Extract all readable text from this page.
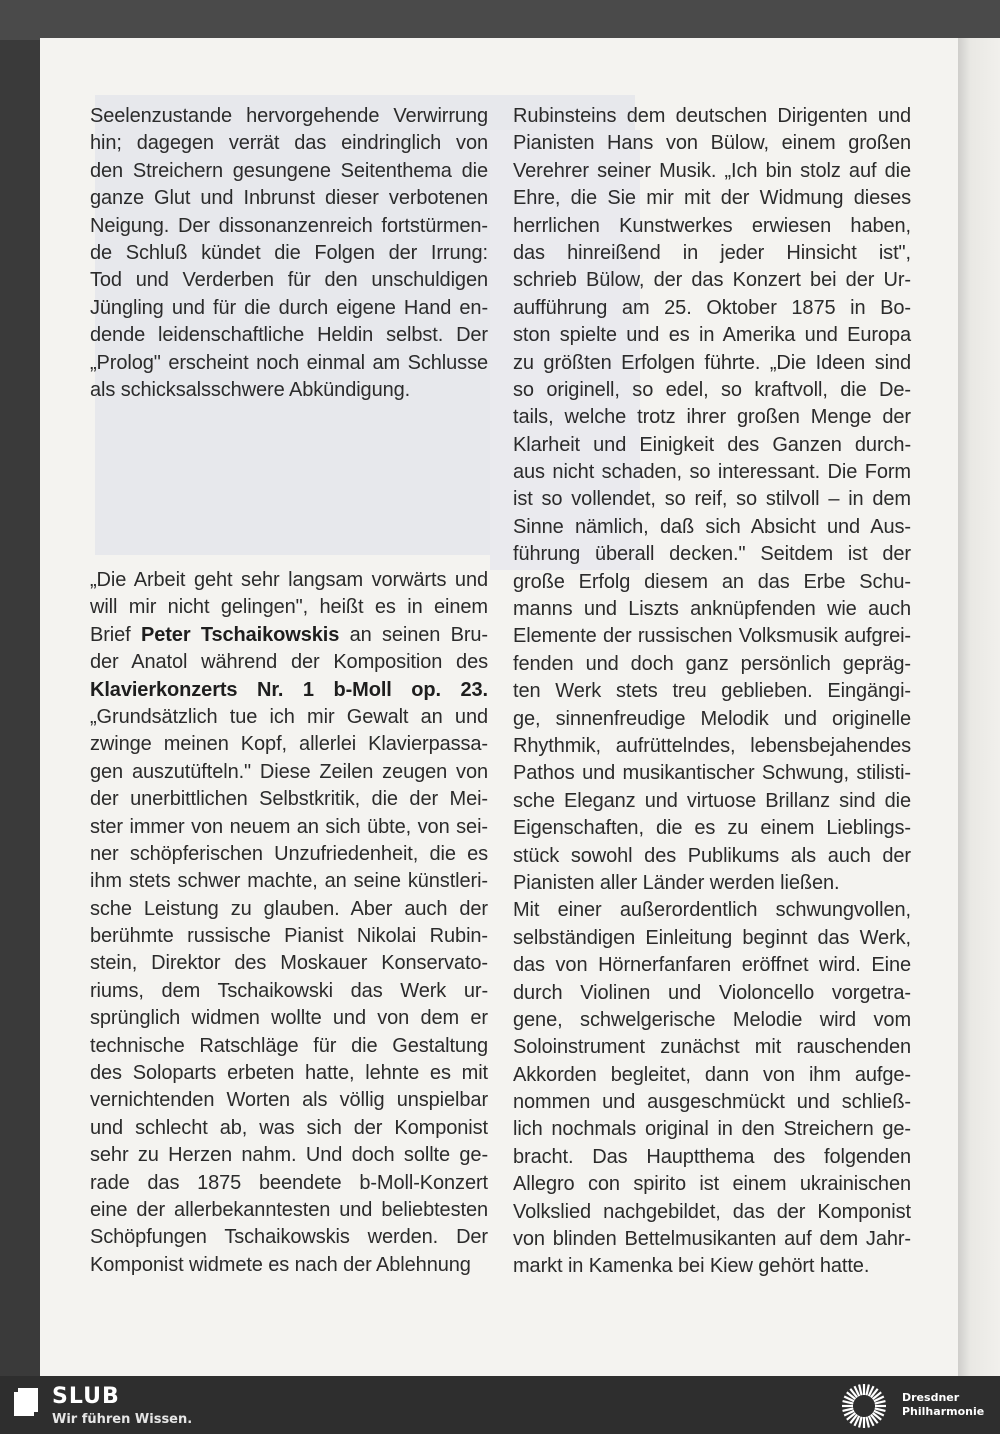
Seelenzustande hervorgehende Verwirrung
hin; dagegen verrät das eindringlich von
den Streichern gesungene Seitenthema die
ganze Glut und Inbrunst dieser verbotenen
Neigung. Der dissonanzenreich fortstürmen-
de Schluß kündet die Folgen der Irrung:
Tod und Verderben für den unschuldigen
Jüngling und für die durch eigene Hand en-
dende leidenschaftliche Heldin selbst. Der
„Prolog" erscheint noch einmal am Schlusse
als schicksalsschwere Abkündigung.
„Die Arbeit geht sehr langsam vorwärts und
will mir nicht gelingen", heißt es in einem
Brief Peter Tschaikowskis an seinen Bru-
der Anatol während der Komposition des
Klavierkonzerts Nr. 1 b-Moll op. 23.
„Grundsätzlich tue ich mir Gewalt an und
zwinge meinen Kopf, allerlei Klavierpassa-
gen auszutüfteln." Diese Zeilen zeugen von
der unerbittlichen Selbstkritik, die der Mei-
ster immer von neuem an sich übte, von sei-
ner schöpferischen Unzufriedenheit, die es
ihm stets schwer machte, an seine künstleri-
sche Leistung zu glauben. Aber auch der
berühmte russische Pianist Nikolai Rubin-
stein, Direktor des Moskauer Konservato-
riums, dem Tschaikowski das Werk ur-
sprünglich widmen wollte und von dem er
technische Ratschläge für die Gestaltung
des Soloparts erbeten hatte, lehnte es mit
vernichtenden Worten als völlig unspielbar
und schlecht ab, was sich der Komponist
sehr zu Herzen nahm. Und doch sollte ge-
rade das 1875 beendete b-Moll-Konzert
eine der allerbekanntesten und beliebtesten
Schöpfungen Tschaikowskis werden. Der
Komponist widmete es nach der Ablehnung
Rubinsteins dem deutschen Dirigenten und
Pianisten Hans von Bülow, einem großen
Verehrer seiner Musik. „Ich bin stolz auf die
Ehre, die Sie mir mit der Widmung dieses
herrlichen Kunstwerkes erwiesen haben,
das hinreißend in jeder Hinsicht ist",
schrieb Bülow, der das Konzert bei der Ur-
aufführung am 25. Oktober 1875 in Bo-
ston spielte und es in Amerika und Europa
zu größten Erfolgen führte. „Die Ideen sind
so originell, so edel, so kraftvoll, die De-
tails, welche trotz ihrer großen Menge der
Klarheit und Einigkeit des Ganzen durch-
aus nicht schaden, so interessant. Die Form
ist so vollendet, so reif, so stilvoll – in dem
Sinne nämlich, daß sich Absicht und Aus-
führung überall decken." Seitdem ist der
große Erfolg diesem an das Erbe Schu-
manns und Liszts anknüpfenden wie auch
Elemente der russischen Volksmusik aufgrei-
fenden und doch ganz persönlich gepräg-
ten Werk stets treu geblieben. Eingängi-
ge, sinnenfreudige Melodik und originelle
Rhythmik, aufrüttelndes, lebensbejahendes
Pathos und musikantischer Schwung, stilisti-
sche Eleganz und virtuose Brillanz sind die
Eigenschaften, die es zu einem Lieblings-
stück sowohl des Publikums als auch der
Pianisten aller Länder werden ließen.
Mit einer außerordentlich schwungvollen,
selbständigen Einleitung beginnt das Werk,
das von Hörnerfanfaren eröffnet wird. Eine
durch Violinen und Violoncello vorgetra-
gene, schwelgerische Melodie wird vom
Soloinstrument zunächst mit rauschenden
Akkorden begleitet, dann von ihm aufge-
nommen und ausgeschmückt und schließ-
lich nochmals original in den Streichern ge-
bracht. Das Hauptthema des folgenden
Allegro con spirito ist einem ukrainischen
Volkslied nachgebildet, das der Komponist
von blinden Bettelmusikanten auf dem Jahr-
markt in Kamenka bei Kiew gehört hatte.
SLUB
Wir führen Wissen.
Dresdner
Philharmonie
